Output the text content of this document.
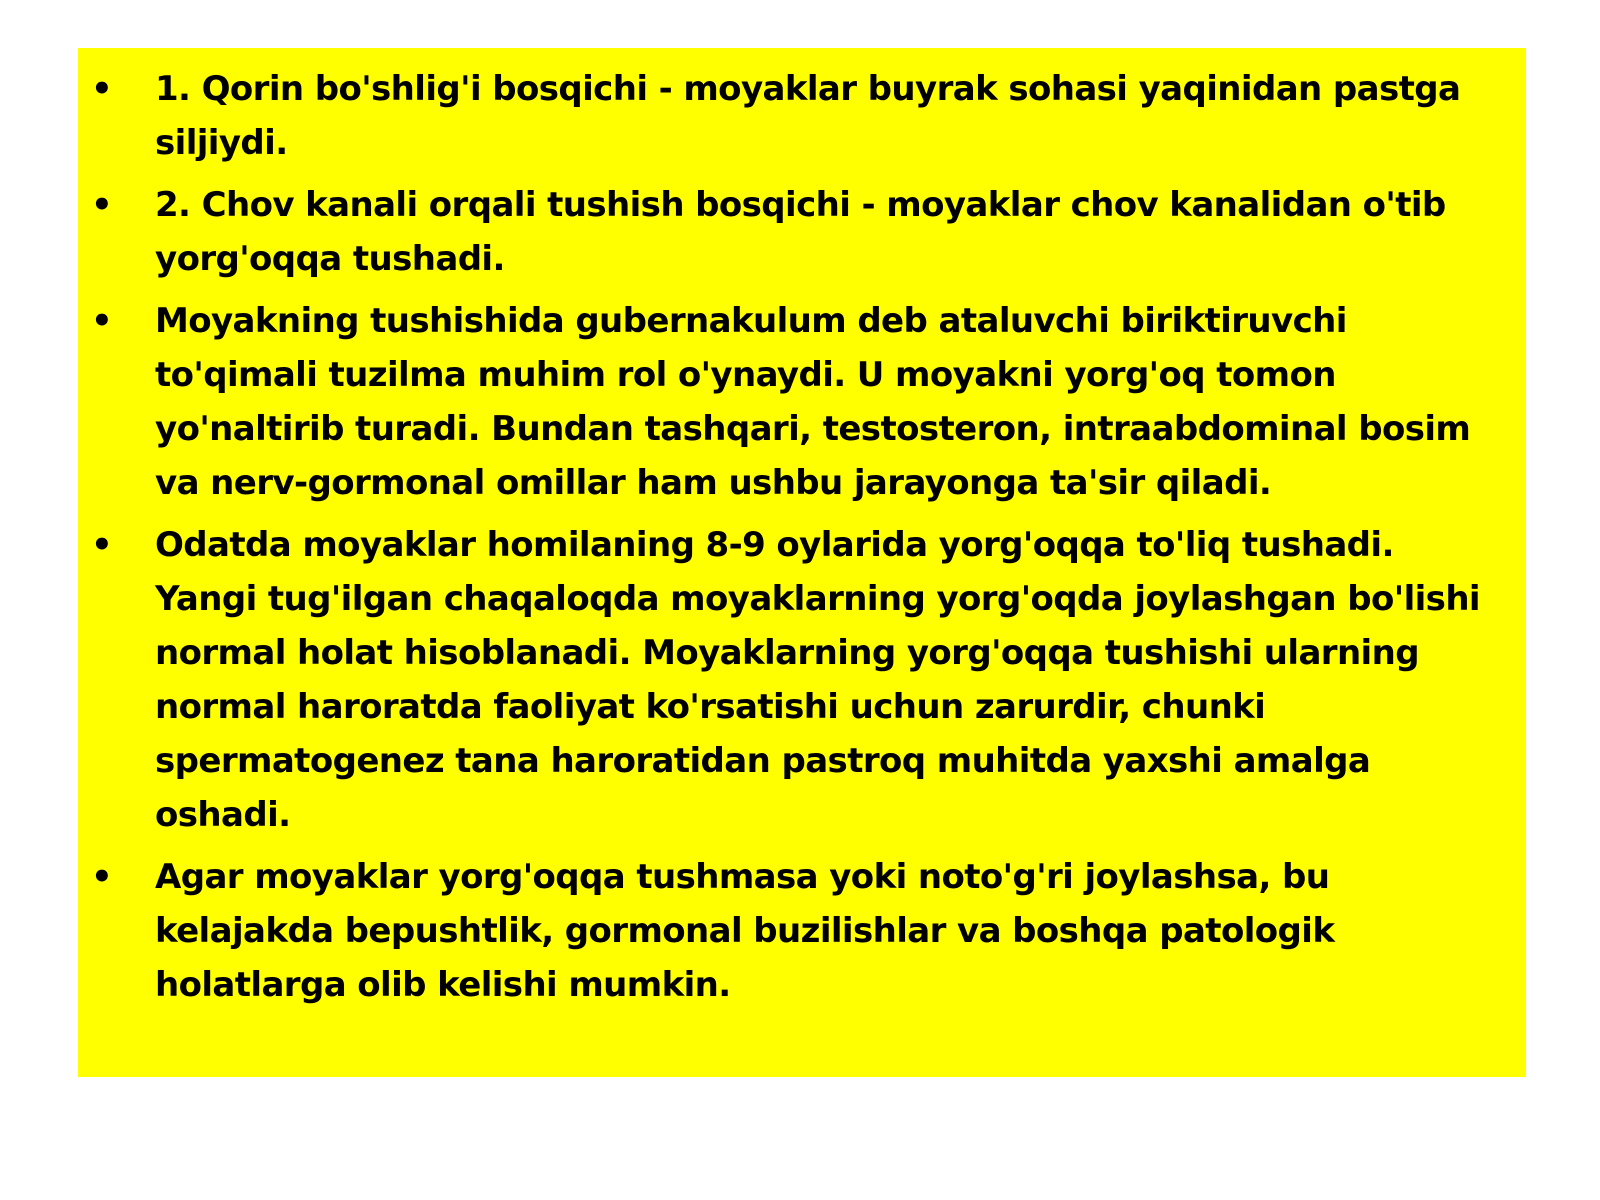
•	1. Qorin bo'shlig'i bosqichi - moyaklar buyrak sohasi yaqinidan pastga siljiydi.
•	2. Chov kanali orqali tushish bosqichi - moyaklar chov kanalidan o'tib yorg'oqqa tushadi.
•	Moyakning tushishida gubernakulum deb ataluvchi biriktiruvchi to'qimali tuzilma muhim rol o'ynaydi. U moyakni yorg'oq tomon yo'naltirib turadi. Bundan tashqari, testosteron, intraabdominal bosim va nerv-gormonal omillar ham ushbu jarayonga ta'sir qiladi.
•	Odatda moyaklar homilaning 8-9 oylarida yorg'oqqa to'liq tushadi. Yangi tug'ilgan chaqaloqda moyaklarning yorg'oqda joylashgan bo'lishi normal holat hisoblanadi. Moyaklarning yorg'oqqa tushishi ularning normal haroratda faoliyat ko'rsatishi uchun zarurdir, chunki spermatogenez tana haroratidan pastroq muhitda yaxshi amalga oshadi.
•	Agar moyaklar yorg'oqqa tushmasa yoki noto'g'ri joylashsa, bu kelajakda bepushtlik, gormonal buzilishlar va boshqa patologik holatlarga olib kelishi mumkin.
